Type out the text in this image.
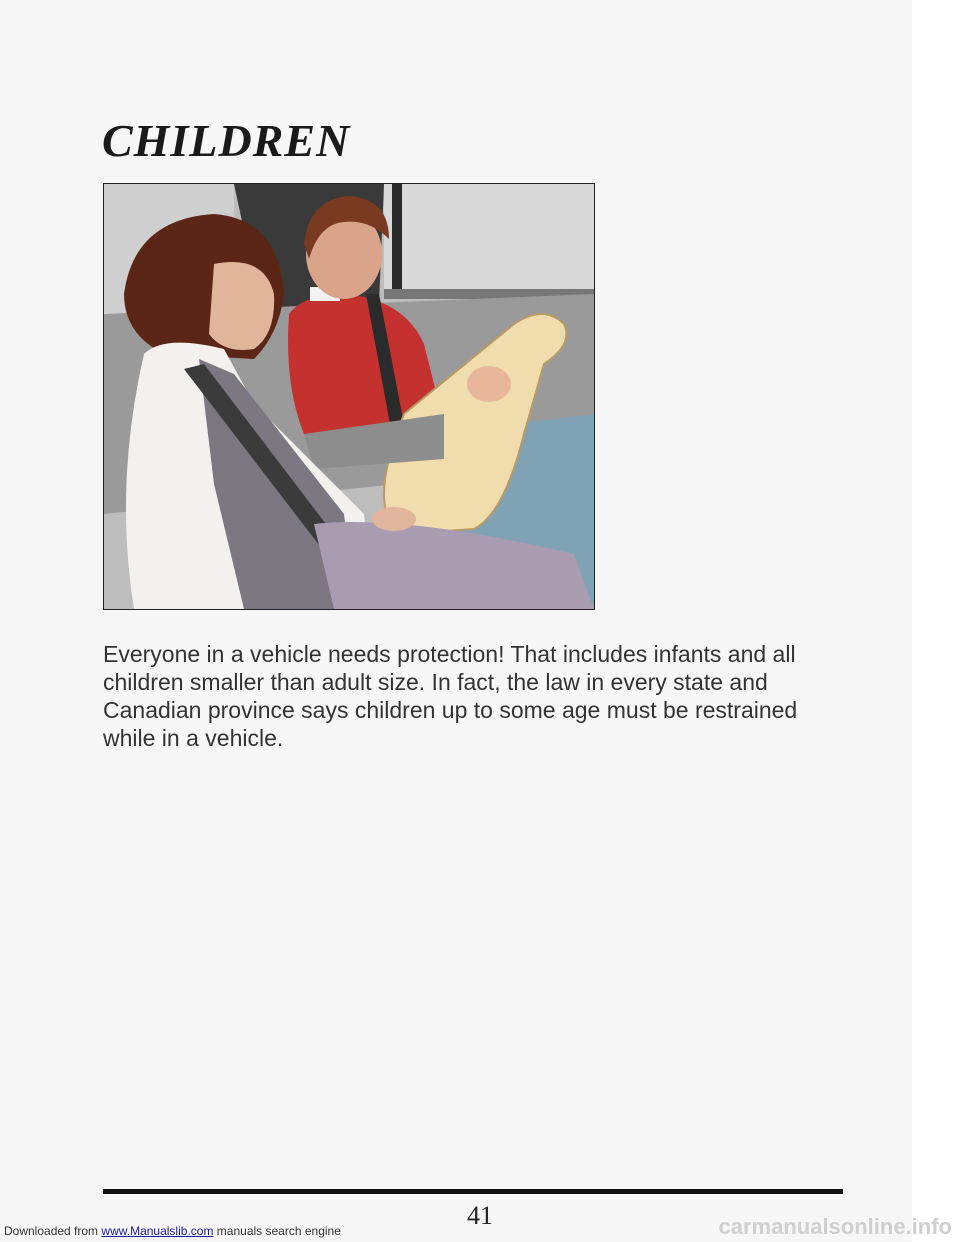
CHILDREN

Everyone in a vehicle needs protection! That includes infants and all children smaller than adult size. In fact, the law in every state and Canadian province says children up to some age must be restrained while in a vehicle.

41
Downloaded from www.Manualslib.com manuals search engine	carmanualsonline.info
